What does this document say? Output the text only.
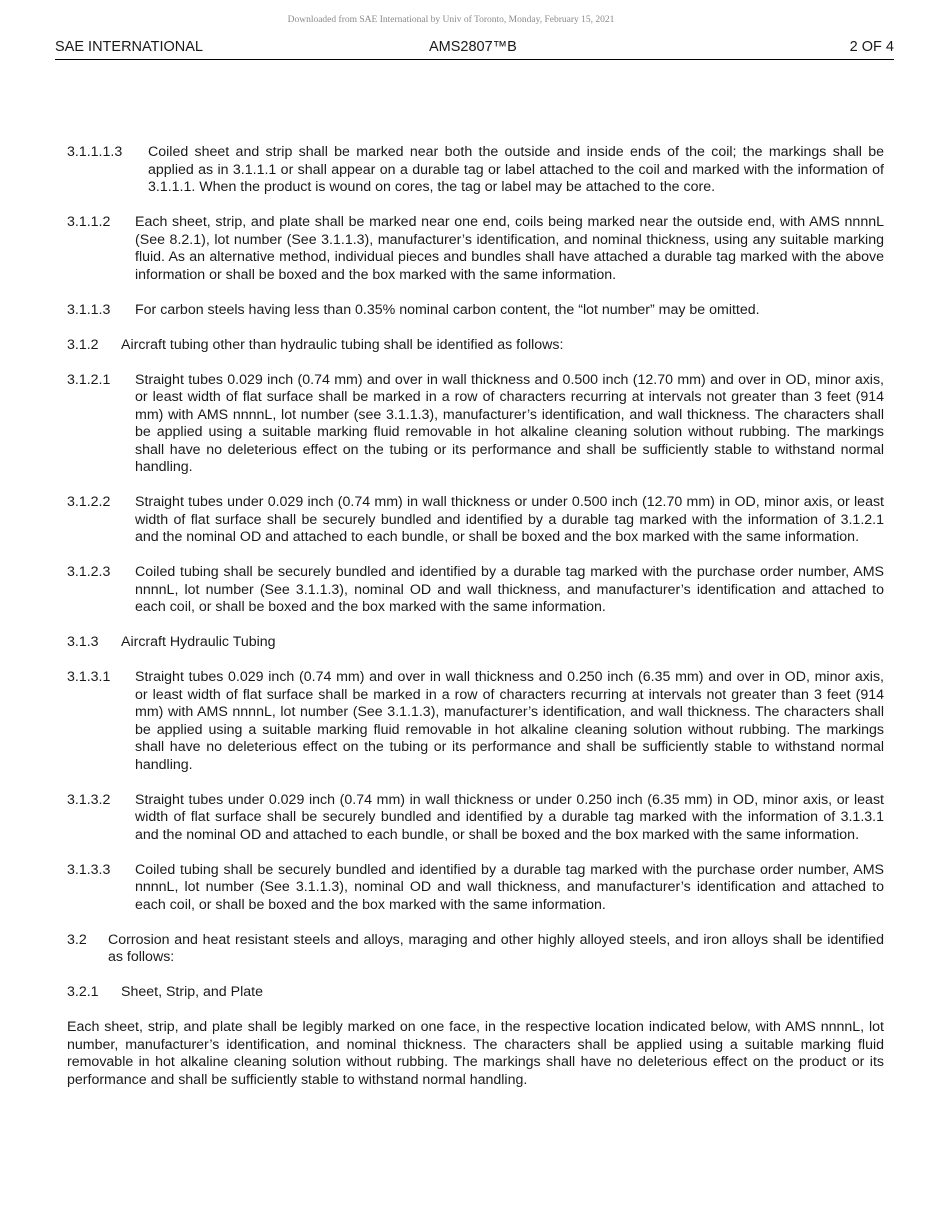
Downloaded from SAE International by Univ of Toronto, Monday, February 15, 2021
SAE INTERNATIONAL	AMS2807™B	2 OF 4
3.1.1.1.3	Coiled sheet and strip shall be marked near both the outside and inside ends of the coil; the markings shall be applied as in 3.1.1.1 or shall appear on a durable tag or label attached to the coil and marked with the information of 3.1.1.1. When the product is wound on cores, the tag or label may be attached to the core.
3.1.1.2	Each sheet, strip, and plate shall be marked near one end, coils being marked near the outside end, with AMS nnnnL (See 8.2.1), lot number (See 3.1.1.3), manufacturer’s identification, and nominal thickness, using any suitable marking fluid. As an alternative method, individual pieces and bundles shall have attached a durable tag marked with the above information or shall be boxed and the box marked with the same information.
3.1.1.3	For carbon steels having less than 0.35% nominal carbon content, the “lot number” may be omitted.
3.1.2	Aircraft tubing other than hydraulic tubing shall be identified as follows:
3.1.2.1	Straight tubes 0.029 inch (0.74 mm) and over in wall thickness and 0.500 inch (12.70 mm) and over in OD, minor axis, or least width of flat surface shall be marked in a row of characters recurring at intervals not greater than 3 feet (914 mm) with AMS nnnnL, lot number (see 3.1.1.3), manufacturer’s identification, and wall thickness. The characters shall be applied using a suitable marking fluid removable in hot alkaline cleaning solution without rubbing. The markings shall have no deleterious effect on the tubing or its performance and shall be sufficiently stable to withstand normal handling.
3.1.2.2	Straight tubes under 0.029 inch (0.74 mm) in wall thickness or under 0.500 inch (12.70 mm) in OD, minor axis, or least width of flat surface shall be securely bundled and identified by a durable tag marked with the information of 3.1.2.1 and the nominal OD and attached to each bundle, or shall be boxed and the box marked with the same information.
3.1.2.3	Coiled tubing shall be securely bundled and identified by a durable tag marked with the purchase order number, AMS nnnnL, lot number (See 3.1.1.3), nominal OD and wall thickness, and manufacturer’s identification and attached to each coil, or shall be boxed and the box marked with the same information.
3.1.3	Aircraft Hydraulic Tubing
3.1.3.1	Straight tubes 0.029 inch (0.74 mm) and over in wall thickness and 0.250 inch (6.35 mm) and over in OD, minor axis, or least width of flat surface shall be marked in a row of characters recurring at intervals not greater than 3 feet (914 mm) with AMS nnnnL, lot number (See 3.1.1.3), manufacturer’s identification, and wall thickness. The characters shall be applied using a suitable marking fluid removable in hot alkaline cleaning solution without rubbing. The markings shall have no deleterious effect on the tubing or its performance and shall be sufficiently stable to withstand normal handling.
3.1.3.2	Straight tubes under 0.029 inch (0.74 mm) in wall thickness or under 0.250 inch (6.35 mm) in OD, minor axis, or least width of flat surface shall be securely bundled and identified by a durable tag marked with the information of 3.1.3.1 and the nominal OD and attached to each bundle, or shall be boxed and the box marked with the same information.
3.1.3.3	Coiled tubing shall be securely bundled and identified by a durable tag marked with the purchase order number, AMS nnnnL, lot number (See 3.1.1.3), nominal OD and wall thickness, and manufacturer’s identification and attached to each coil, or shall be boxed and the box marked with the same information.
3.2	Corrosion and heat resistant steels and alloys, maraging and other highly alloyed steels, and iron alloys shall be identified as follows:
3.2.1	Sheet, Strip, and Plate

Each sheet, strip, and plate shall be legibly marked on one face, in the respective location indicated below, with AMS nnnnL, lot number, manufacturer’s identification, and nominal thickness. The characters shall be applied using a suitable marking fluid removable in hot alkaline cleaning solution without rubbing. The markings shall have no deleterious effect on the product or its performance and shall be sufficiently stable to withstand normal handling.
